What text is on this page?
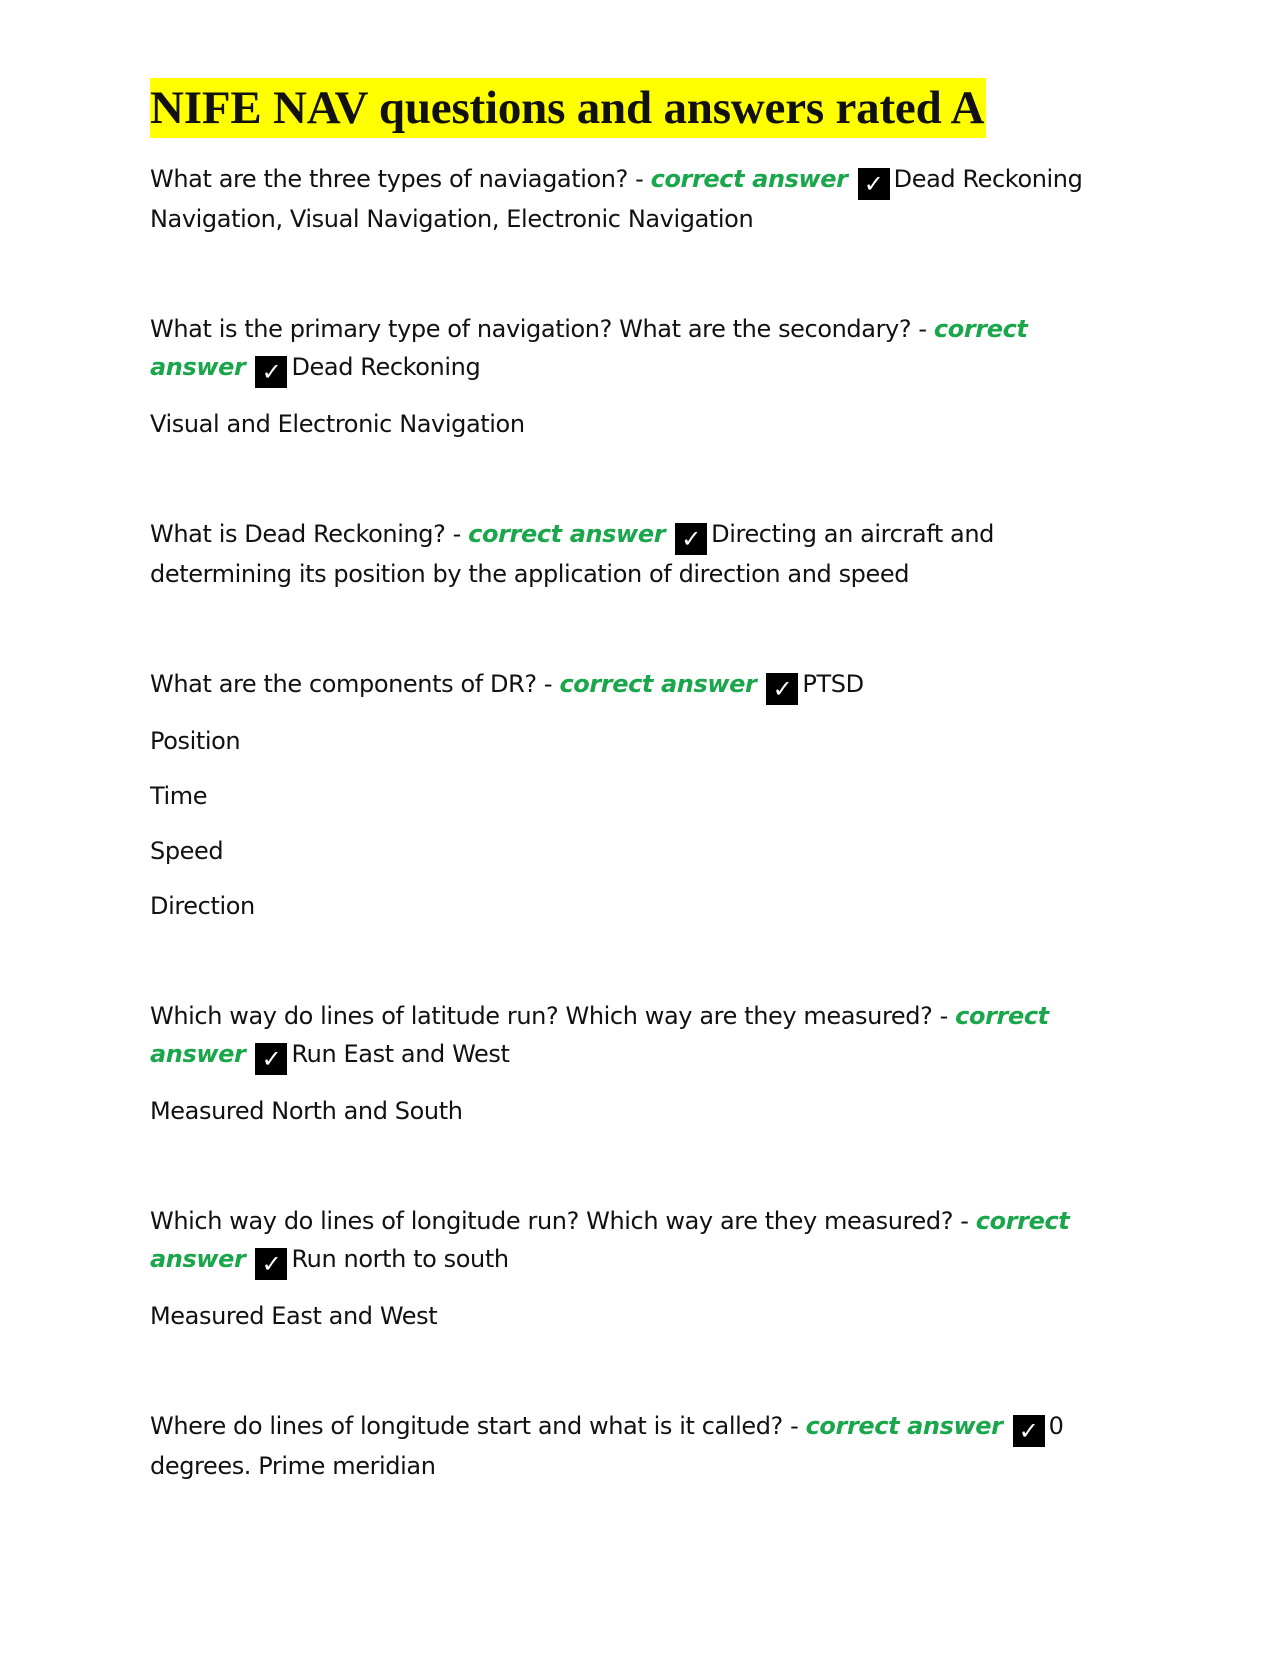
NIFE NAV questions and answers rated A

What are the three types of naviagation? - correct answer ✓ Dead Reckoning Navigation, Visual Navigation, Electronic Navigation

What is the primary type of navigation? What are the secondary? - correct answer ✓ Dead Reckoning

Visual and Electronic Navigation

What is Dead Reckoning? - correct answer ✓ Directing an aircraft and determining its position by the application of direction and speed

What are the components of DR? - correct answer ✓ PTSD

Position

Time

Speed

Direction

Which way do lines of latitude run? Which way are they measured? - correct answer ✓ Run East and West

Measured North and South

Which way do lines of longitude run? Which way are they measured? - correct answer ✓ Run north to south

Measured East and West

Where do lines of longitude start and what is it called? - correct answer ✓ 0 degrees. Prime meridian
